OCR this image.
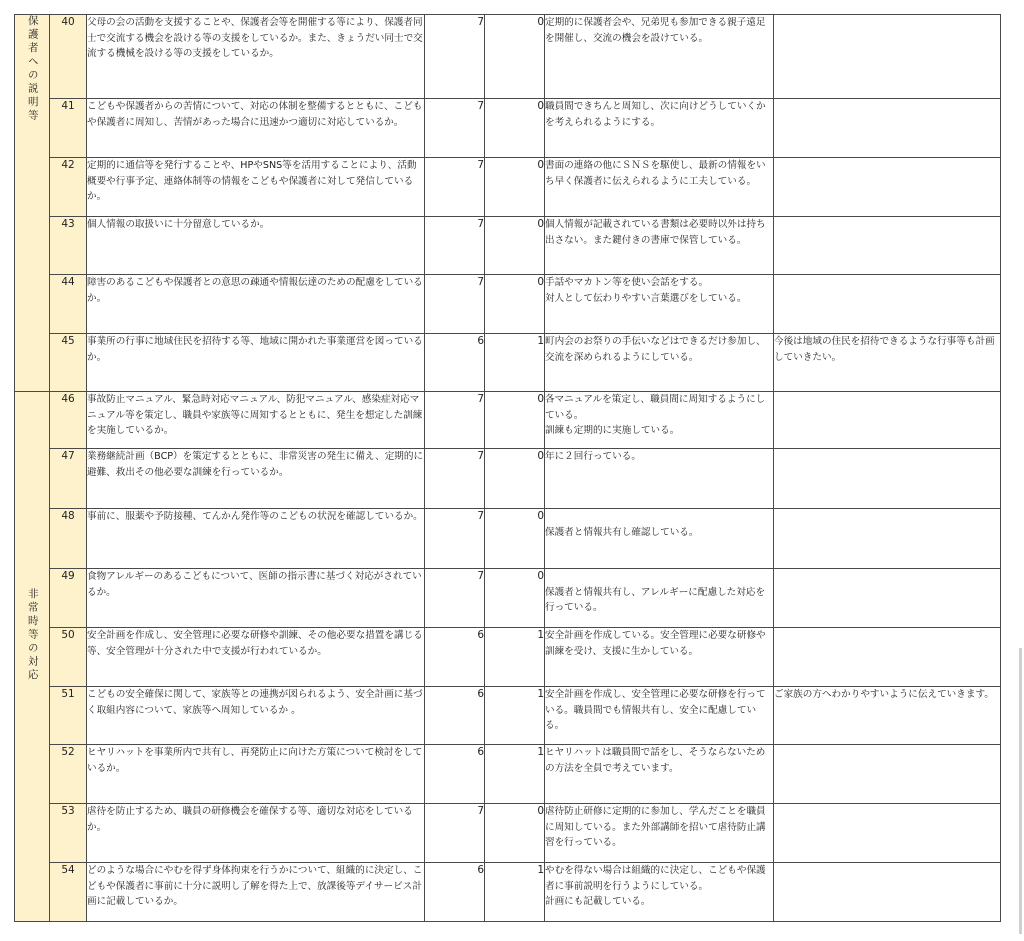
保護者への説明等	40	父母の会の活動を支援することや、保護者会等を開催する等により、保護者同士で交流する機会を設ける等の支援をしているか。また、きょうだい同士で交流する機械を設ける等の支援をしているか。	7	0	定期的に保護者会や、兄弟児も参加できる親子遠足を開催し、交流の機会を設けている。	
	41	こどもや保護者からの苦情について、対応の体制を整備するとともに、こどもや保護者に周知し、苦情があった場合に迅速かつ適切に対応しているか。	7	0	職員間できちんと周知し、次に向けどうしていくかを考えられるようにする。	
	42	定期的に通信等を発行することや、HPやSNS等を活用することにより、活動概要や行事予定、連絡体制等の情報をこどもや保護者に対して発信しているか。	7	0	書面の連絡の他にＳＮＳを駆使し、最新の情報をいち早く保護者に伝えられるように工夫している。	
	43	個人情報の取扱いに十分留意しているか。	7	0	個人情報が記載されている書類は必要時以外は持ち出さない。また鍵付きの書庫で保管している。	
	44	障害のあるこどもや保護者との意思の疎通や情報伝達のための配慮をしているか。	7	0	手話やマカトン等を使い会話をする。
対人として伝わりやすい言葉選びをしている。	
	45	事業所の行事に地域住民を招待する等、地域に開かれた事業運営を図っているか。	6	1	町内会のお祭りの手伝いなどはできるだけ参加し、交流を深められるようにしている。	今後は地域の住民を招待できるような行事等も計画していきたい。
非常時等の対応	46	事故防止マニュアル、緊急時対応マニュアル、防犯マニュアル、感染症対応マニュアル等を策定し、職員や家族等に周知するとともに、発生を想定した訓練を実施しているか。	7	0	各マニュアルを策定し、職員間に周知するようにしている。
訓練も定期的に実施している。	
	47	業務継続計画（BCP）を策定するとともに、非常災害の発生に備え、定期的に避難、救出その他必要な訓練を行っているか。	7	0	年に２回行っている。	
	48	事前に、服薬や予防接種、てんかん発作等のこどもの状況を確認しているか。	7	0	
保護者と情報共有し確認している。	
	49	食物アレルギーのあるこどもについて、医師の指示書に基づく対応がされているか。	7	0	
保護者と情報共有し、アレルギーに配慮した対応を行っている。	
	50	安全計画を作成し、安全管理に必要な研修や訓練、その他必要な措置を講じる等、安全管理が十分された中で支援が行われているか。	6	1	安全計画を作成している。安全管理に必要な研修や訓練を受け、支援に生かしている。	
	51	こどもの安全確保に関して、家族等との連携が図られるよう、安全計画に基づく取組内容について、家族等へ周知しているか 。	6	1	安全計画を作成し、安全管理に必要な研修を行っている。職員間でも情報共有し、安全に配慮している。	ご家族の方へわかりやすいように伝えていきます。
	52	ヒヤリハットを事業所内で共有し、再発防止に向けた方策について検討をしているか。	6	1	ヒヤリハットは職員間で話をし、そうならないための方法を全員で考えています。	
	53	虐待を防止するため、職員の研修機会を確保する等、適切な対応をしているか。	7	0	虐待防止研修に定期的に参加し、学んだことを職員に周知している。また外部講師を招いて虐待防止講習を行っている。	
	54	どのような場合にやむを得ず身体拘束を行うかについて、組織的に決定し、こどもや保護者に事前に十分に説明し了解を得た上で、放課後等デイサービス計画に記載しているか。	6	1	やむを得ない場合は組織的に決定し、こどもや保護者に事前説明を行うようにしている。
計画にも記載している。	
